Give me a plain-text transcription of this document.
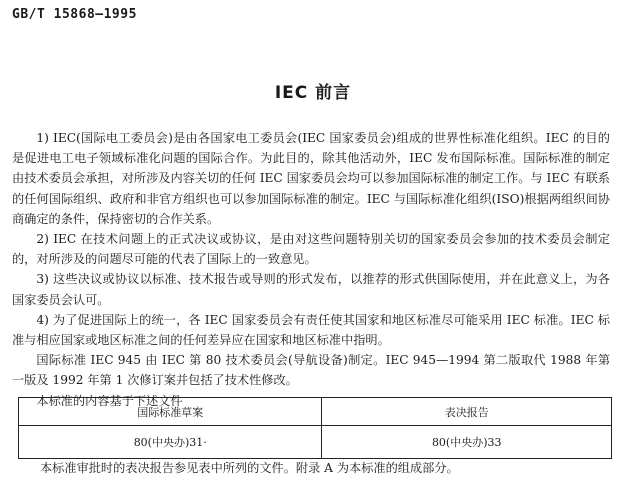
GB/T 15868—1995
IEC 前言

1) IEC(国际电工委员会)是由各国家电工委员会(IEC 国家委员会)组成的世界性标准化组织。IEC 的目的是促进电工电子领域标准化问题的国际合作。为此目的，除其他活动外，IEC 发布国际标准。国际标准的制定由技术委员会承担，对所涉及内容关切的任何 IEC 国家委员会均可以参加国际标准的制定工作。与 IEC 有联系的任何国际组织、政府和非官方组织也可以参加国际标准的制定。IEC 与国际标准化组织(ISO)根据两组织间协商确定的条件，保持密切的合作关系。

2) IEC 在技术问题上的正式决议或协议，是由对这些问题特别关切的国家委员会参加的技术委员会制定的，对所涉及的问题尽可能的代表了国际上的一致意见。

3) 这些决议或协议以标准、技术报告或导则的形式发布，以推荐的形式供国际使用，并在此意义上，为各国家委员会认可。

4) 为了促进国际上的统一，各 IEC 国家委员会有责任使其国家和地区标准尽可能采用 IEC 标准。IEC 标准与相应国家或地区标准之间的任何差异应在国家和地区标准中指明。

国际标准 IEC 945 由 IEC 第 80 技术委员会(导航设备)制定。IEC 945—1994 第二版取代 1988 年第一版及 1992 年第 1 次修订案并包括了技术性修改。

本标准的内容基于下述文件

国际标准草案	表决报告
80(中央办)31·	80(中央办)33
本标准审批时的表决报告参见表中所列的文件。附录 A 为本标准的组成部分。
